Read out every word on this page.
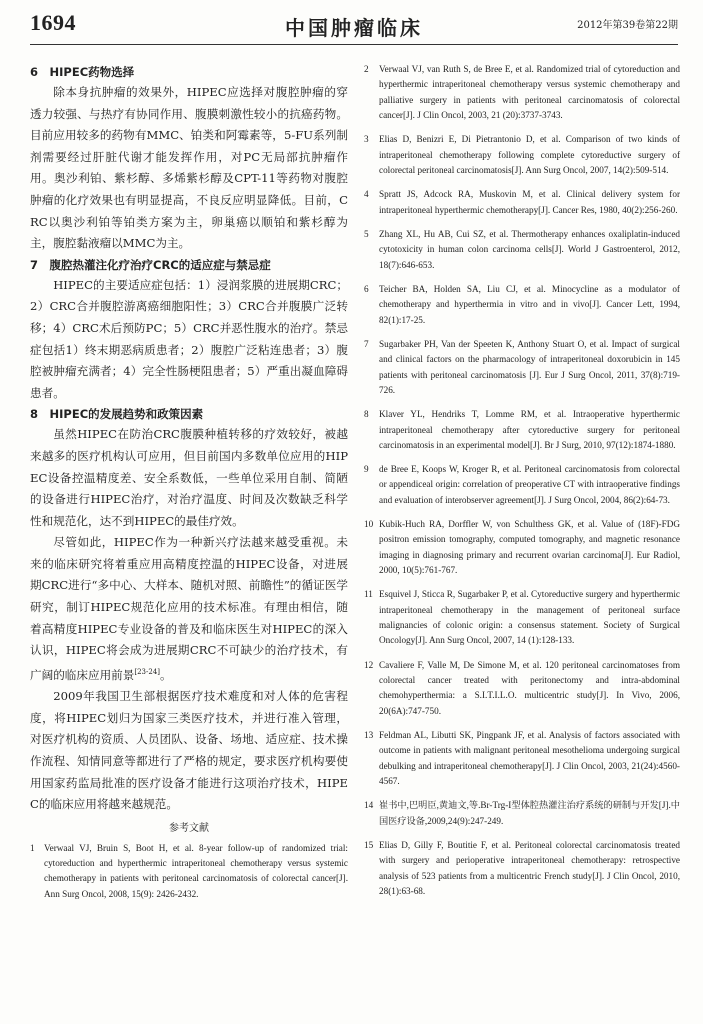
1694	中国肿瘤临床	2012年第39卷第22期

6　HIPEC药物选择

除本身抗肿瘤的效果外，HIPEC应选择对腹腔肿瘤的穿透力较强、与热疗有协同作用、腹膜刺激性较小的抗癌药物。目前应用较多的药物有MMC、铂类和阿霉素等，5-FU系列制剂需要经过肝脏代谢才能发挥作用，对PC无局部抗肿瘤作用。奥沙利铂、紫杉醇、多烯紫杉醇及CPT-11等药物对腹腔肿瘤的化疗效果也有明显提高，不良反应明显降低。目前，CRC以奥沙利铂等铂类方案为主，卵巢癌以顺铂和紫杉醇为主，腹腔黏液瘤以MMC为主。

7　腹腔热灌注化疗治疗CRC的适应症与禁忌症

HIPEC的主要适应症包括：1）浸润浆膜的进展期CRC；2）CRC合并腹腔游离癌细胞阳性；3）CRC合并腹膜广泛转移；4）CRC术后预防PC；5）CRC并恶性腹水的治疗。禁忌症包括1）终末期恶病质患者；2）腹腔广泛粘连患者；3）腹腔被肿瘤充满者；4）完全性肠梗阻患者；5）严重出凝血障碍患者。

8　HIPEC的发展趋势和政策因素

虽然HIPEC在防治CRC腹膜种植转移的疗效较好，被越来越多的医疗机构认可应用，但目前国内多数单位应用的HIPEC设备控温精度差、安全系数低，一些单位采用自制、简陋的设备进行HIPEC治疗，对治疗温度、时间及次数缺乏科学性和规范化，达不到HIPEC的最佳疗效。

尽管如此，HIPEC作为一种新兴疗法越来越受重视。未来的临床研究将着重应用高精度控温的HIPEC设备，对进展期CRC进行“多中心、大样本、随机对照、前瞻性”的循证医学研究，制订HIPEC规范化应用的技术标准。有理由相信，随着高精度HIPEC专业设备的普及和临床医生对HIPEC的深入认识，HIPEC将会成为进展期CRC不可缺少的治疗技术，有广阔的临床应用前景[23-24]。

2009年我国卫生部根据医疗技术难度和对人体的危害程度，将HIPEC划归为国家三类医疗技术，并进行准入管理，对医疗机构的资质、人员团队、设备、场地、适应症、技术操作流程、知情同意等都进行了严格的规定，要求医疗机构要使用国家药监局批准的医疗设备才能进行这项治疗技术，HIPEC的临床应用将越来越规范。

参考文献

1 Verwaal VJ, Bruin S, Boot H, et al. 8-year follow-up of randomized trial: cytoreduction and hyperthermic intraperitoneal chemotherapy versus systemic chemotherapy in patients with peritoneal carcinomatosis of colorectal cancer[J]. Ann Surg Oncol, 2008, 15(9): 2426-2432.

2 Verwaal VJ, van Ruth S, de Bree E, et al. Randomized trial of cytoreduction and hyperthermic intraperitoneal chemotherapy versus systemic chemotherapy and palliative surgery in patients with peritoneal carcinomatosis of colorectal cancer[J]. J Clin Oncol, 2003, 21 (20):3737-3743.

3 Elias D, Benizri E, Di Pietrantonio D, et al. Comparison of two kinds of intraperitoneal chemotherapy following complete cytoreductive surgery of colorectal peritoneal carcinomatosis[J]. Ann Surg Oncol, 2007, 14(2):509-514.

4 Spratt JS, Adcock RA, Muskovin M, et al. Clinical delivery system for intraperitoneal hyperthermic chemotherapy[J]. Cancer Res, 1980, 40(2):256-260.

5 Zhang XL, Hu AB, Cui SZ, et al. Thermotherapy enhances oxaliplatin-induced cytotoxicity in human colon carcinoma cells[J]. World J Gastroenterol, 2012, 18(7):646-653.

6 Teicher BA, Holden SA, Liu CJ, et al. Minocycline as a modulator of chemotherapy and hyperthermia in vitro and in vivo[J]. Cancer Lett, 1994, 82(1):17-25.

7 Sugarbaker PH, Van der Speeten K, Anthony Stuart O, et al. Impact of surgical and clinical factors on the pharmacology of intraperitoneal doxorubicin in 145 patients with peritoneal carcinomatosis [J]. Eur J Surg Oncol, 2011, 37(8):719-726.

8 Klaver YL, Hendriks T, Lomme RM, et al. Intraoperative hyperthermic intraperitoneal chemotherapy after cytoreductive surgery for peritoneal carcinomatosis in an experimental model[J]. Br J Surg, 2010, 97(12):1874-1880.

9 de Bree E, Koops W, Kroger R, et al. Peritoneal carcinomatosis from colorectal or appendiceal origin: correlation of preoperative CT with intraoperative findings and evaluation of interobserver agreement[J]. J Surg Oncol, 2004, 86(2):64-73.

10 Kubik-Huch RA, Dorffler W, von Schulthess GK, et al. Value of (18F)-FDG positron emission tomography, computed tomography, and magnetic resonance imaging in diagnosing primary and recurrent ovarian carcinoma[J]. Eur Radiol, 2000, 10(5):761-767.

11 Esquivel J, Sticca R, Sugarbaker P, et al. Cytoreductive surgery and hyperthermic intraperitoneal chemotherapy in the management of peritoneal surface malignancies of colonic origin: a consensus statement. Society of Surgical Oncology[J]. Ann Surg Oncol, 2007, 14 (1):128-133.

12 Cavaliere F, Valle M, De Simone M, et al. 120 peritoneal carcinomatoses from colorectal cancer treated with peritonectomy and intra-abdominal chemohyperthermia: a S.I.T.I.L.O. multicentric study[J]. In Vivo, 2006, 20(6A):747-750.

13 Feldman AL, Libutti SK, Pingpank JF, et al. Analysis of factors associated with outcome in patients with malignant peritoneal mesothelioma undergoing surgical debulking and intraperitoneal chemotherapy[J]. J Clin Oncol, 2003, 21(24):4560-4567.

14 崔书中,巴明臣,黄迪文,等.Br-Trg-I型体腔热灌注治疗系统的研制与开发[J].中国医疗设备,2009,24(9):247-249.

15 Elias D, Gilly F, Boutitie F, et al. Peritoneal colorectal carcinomatosis treated with surgery and perioperative intraperitoneal chemotherapy: retrospective analysis of 523 patients from a multicentric French study[J]. J Clin Oncol, 2010, 28(1):63-68.
